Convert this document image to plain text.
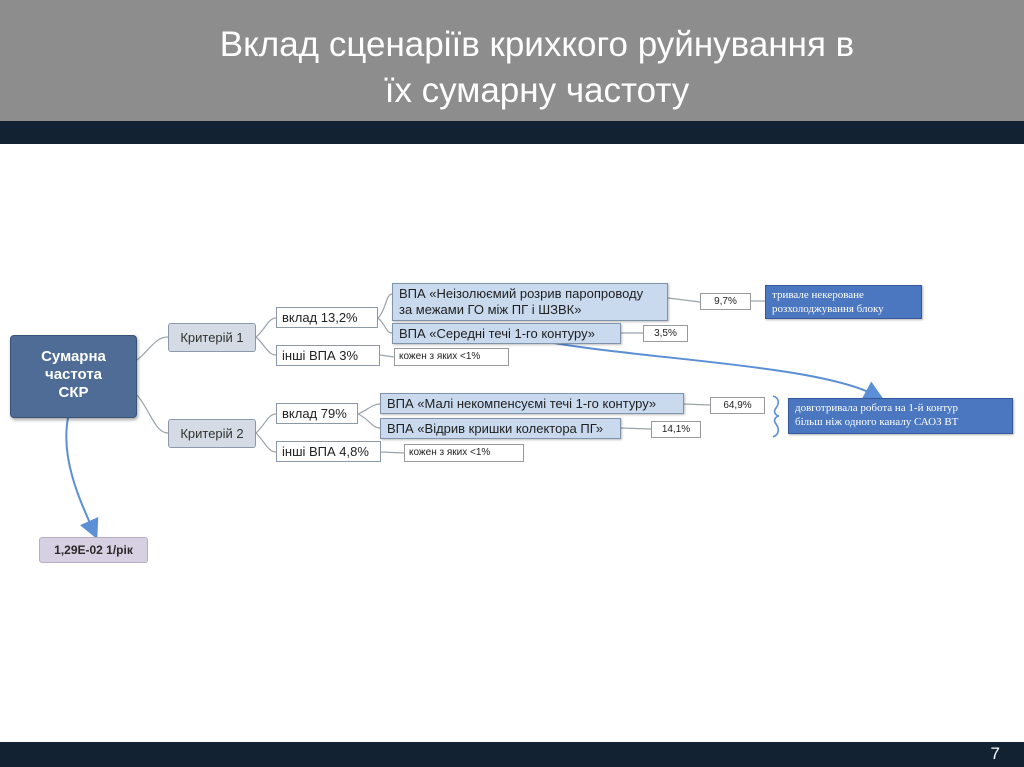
Вклад сценаріїв крихкого руйнування в
їх сумарну частоту
Сумарна
частота
СКР
Критерій 1
Критерій 2
вклад 13,2%
інші ВПА 3%
вклад 79%
інші ВПА 4,8%
ВПА «Неізолюємий розрив паропроводу
за межами ГО між ПГ і ШЗВК»
ВПА «Середні течі 1-го контуру»
ВПА «Малі некомпенсуємі течі 1-го контуру»
ВПА «Відрив кришки колектора ПГ»
9,7%
3,5%
64,9%
14,1%
кожен з яких <1%
кожен з яких <1%
тривале некероване
розхолоджування блоку
довготривала робота на 1-й контур
більш ніж одного каналу САОЗ ВТ
1,29Е-02 1/рік
7
